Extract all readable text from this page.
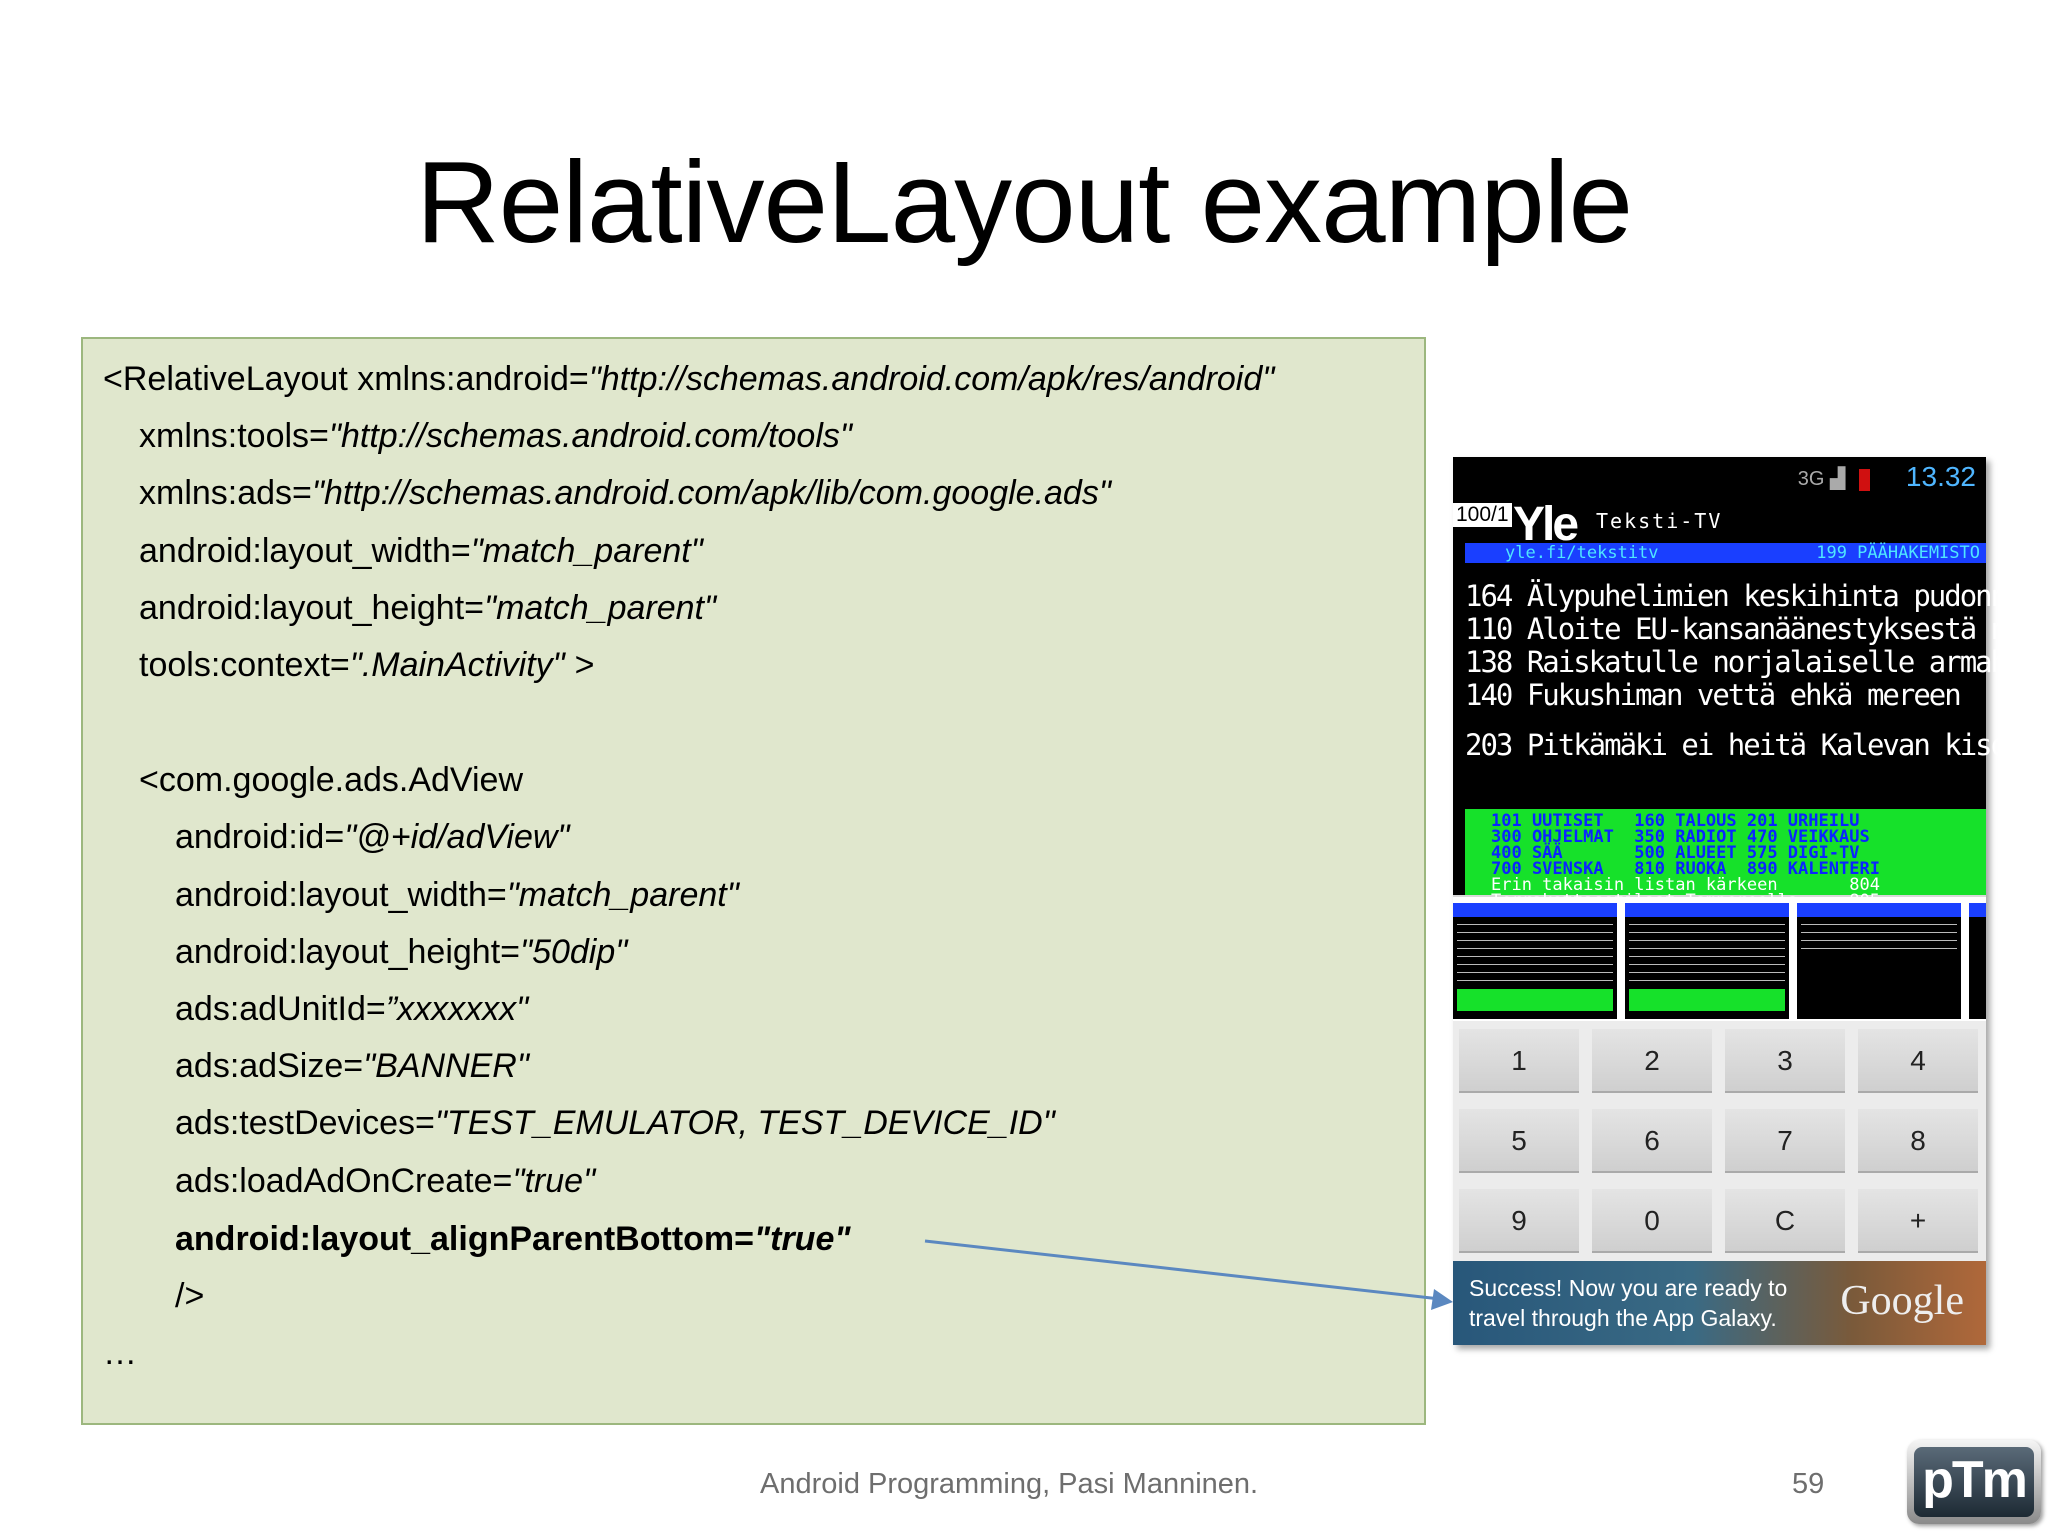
RelativeLayout example
<RelativeLayout xmlns:android="http://schemas.android.com/apk/res/android"
xmlns:tools="http://schemas.android.com/tools"
xmlns:ads="http://schemas.android.com/apk/lib/com.google.ads"
android:layout_width="match_parent"
android:layout_height="match_parent"
tools:context=".MainActivity" >
<com.google.ads.AdView
android:id="@+id/adView"
android:layout_width="match_parent"
android:layout_height="50dip"
ads:adUnitId=”xxxxxxx"
ads:adSize="BANNER"
ads:testDevices="TEST_EMULATOR, TEST_DEVICE_ID"
ads:loadAdOnCreate="true"
android:layout_alignParentBottom="true"
/>
…
3G ▟	13.32
100/1 Yle Teksti-TV
yle.fi/tekstitv	199 PÄÄHAKEMISTO
164 Älypuhelimien keskihinta pudonnut
110 Aloite EU-kansanäänestyksestä nurin
138 Raiskatulle norjalaiselle armahdus
140 Fukushiman vettä ehkä mereen
203 Pitkämäki ei heitä Kalevan kisoissa
101 UUTISET   160 TALOUS 201 URHEILU
300 OHJELMAT  350 RADIOT 470 VEIKKAUS
400 SÄÄ       500 ALUEET 575 DIGI-TV
700 SVENSKA   810 RUOKA  890 KALENTERI
Erin takaisin listan kärkeen       804
1	2	3	4
5	6	7	8
9	0	C	+
Success! Now you are ready to
travel through the App Galaxy. Google
Android Programming, Pasi Manninen.	59 pTm
